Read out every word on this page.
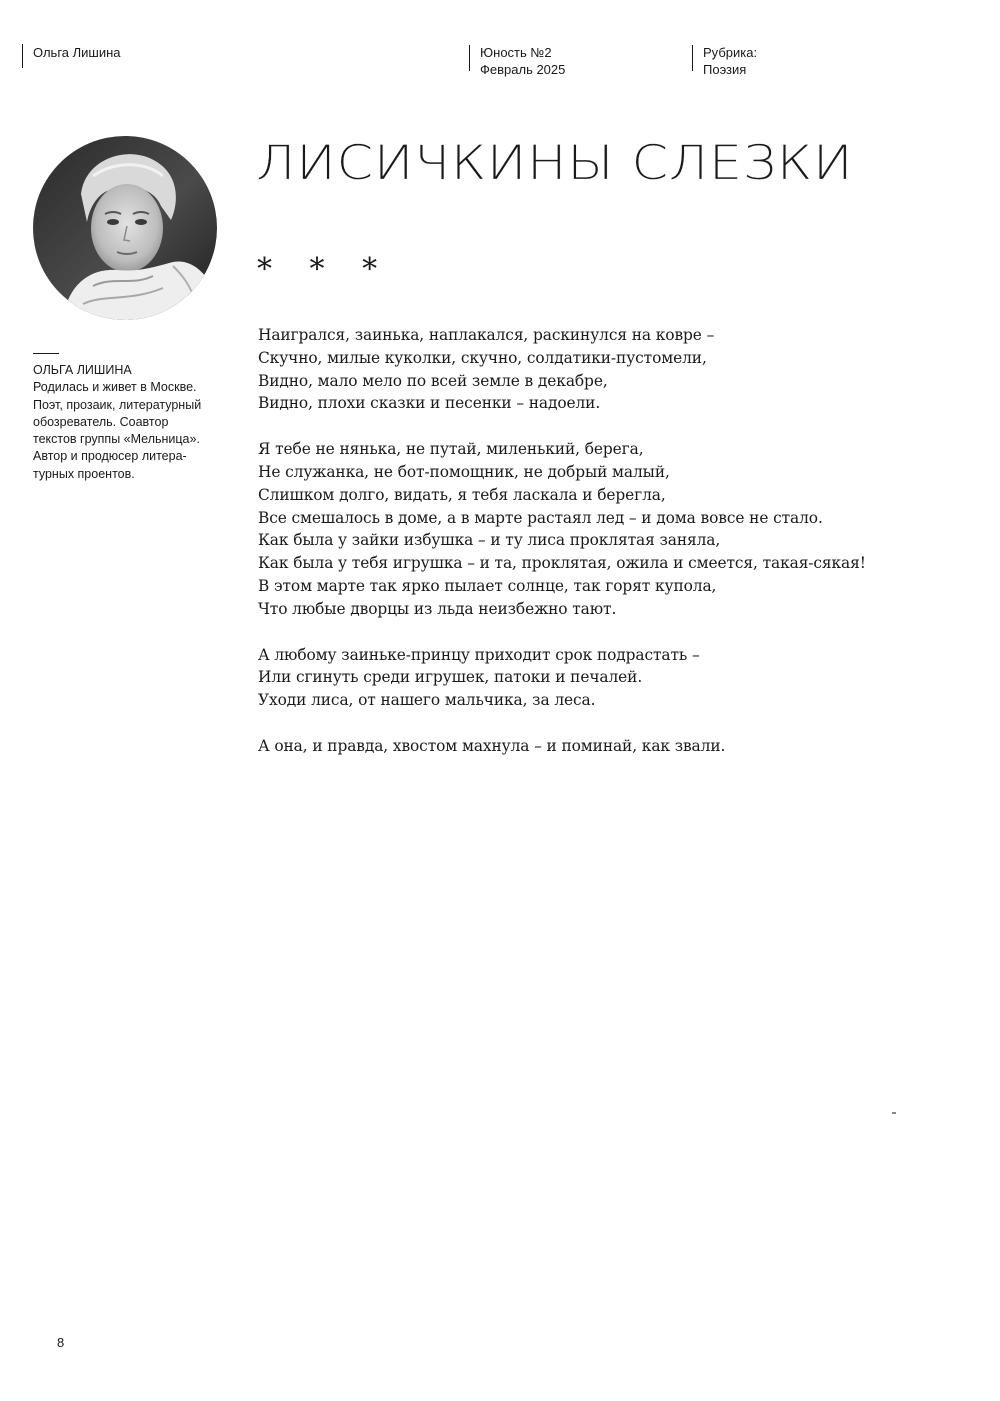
Ольга Лишина	Юность №2
Февраль 2025
Рубрика:
Поэзия
ОЛЬГА ЛИШИНА
Родилась и живет в Москве.
Поэт, прозаик, литературный
обозреватель. Соавтор
текстов группы «Мельница».
Автор и продюсер литера-
турных проентов.
ЛИСИЧКИНЫ СЛЕЗКИ
* * *
Наигрался, заинька, наплакался, раскинулся на ковре –
Скучно, милые куколки, скучно, солдатики-пустомели,
Видно, мало мело по всей земле в декабре,
Видно, плохи сказки и песенки – надоели.
Я тебе не нянька, не путай, миленький, берега,
Не служанка, не бот-помощник, не добрый малый,
Слишком долго, видать, я тебя ласкала и берегла,
Все смешалось в доме, а в марте растаял лед – и дома вовсе не стало.
Как была у зайки избушка – и ту лиса проклятая заняла,
Как была у тебя игрушка – и та, проклятая, ожила и смеется, такая-сякая!
В этом марте так ярко пылает солнце, так горят купола,
Что любые дворцы из льда неизбежно тают.
А любому заиньке-принцу приходит срок подрастать –
Или сгинуть среди игрушек, патоки и печалей.
Уходи лиса, от нашего мальчика, за леса.
А она, и правда, хвостом махнула – и поминай, как звали.
8
